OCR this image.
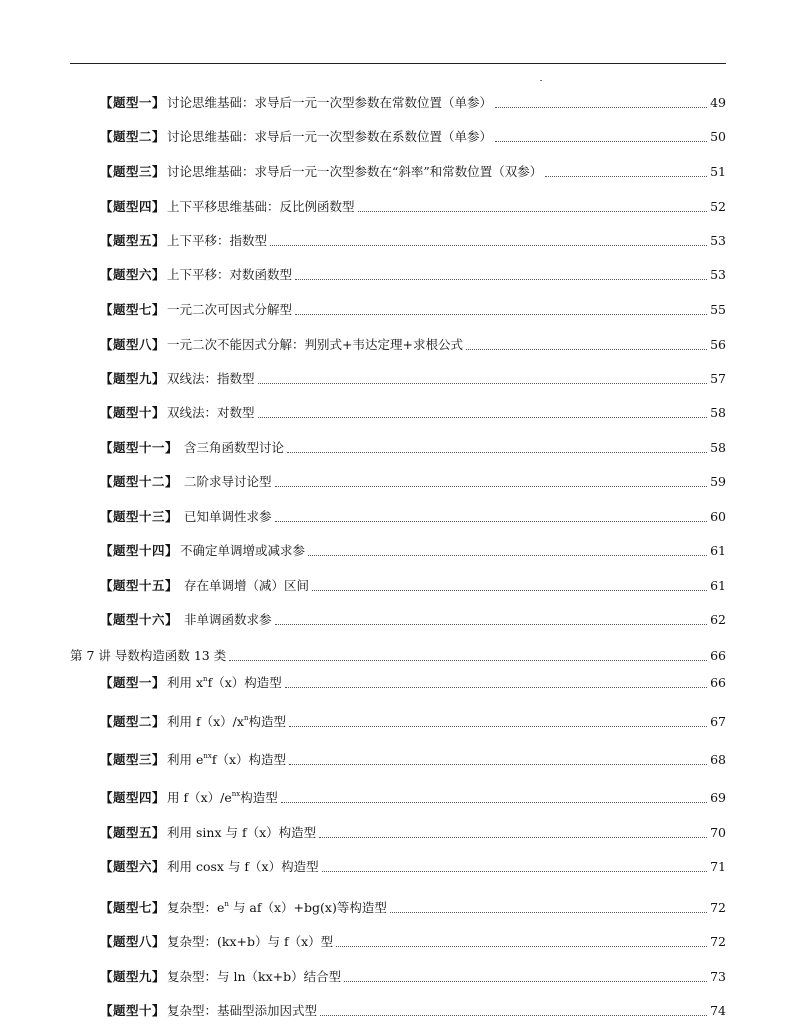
【题型一】 讨论思维基础：求导后一元一次型参数在常数位置（单参）	49
【题型二】 讨论思维基础：求导后一元一次型参数在系数位置（单参）	50
【题型三】 讨论思维基础：求导后一元一次型参数在“斜率”和常数位置（双参）	51
【题型四】 上下平移思维基础：反比例函数型	52
【题型五】 上下平移：指数型	53
【题型六】 上下平移：对数函数型	53
【题型七】 一元二次可因式分解型	55
【题型八】 一元二次不能因式分解：判别式+韦达定理+求根公式	56
【题型九】 双线法：指数型	57
【题型十】 双线法：对数型	58
【题型十一】 含三角函数型讨论	58
【题型十二】 二阶求导讨论型	59
【题型十三】 已知单调性求参	60
【题型十四】 不确定单调增或减求参	61
【题型十五】 存在单调增（减）区间	61
【题型十六】 非单调函数求参	62
第 7 讲 导数构造函数 13 类	66
【题型一】 利用 $x^nf(x)$构造型	66
【题型二】 利用 $f(x)/x^n$构造型	67
【题型三】 利用 $e^{nx}f(x)$构造型	68
【题型四】 用 $f(x)/e^{nx}$构造型	69
【题型五】 利用 sinx 与 f（x）构造型	70
【题型六】 利用 cosx 与 f（x）构造型	71
【题型七】 复杂型：$e^n$ 与 af（x）+bg(x)等构造型	72
【题型八】 复杂型：(kx+b）与 f（x）型	72
【题型九】 复杂型：与 ln（kx+b）结合型	73
【题型十】 复杂型：基础型添加因式型	74
